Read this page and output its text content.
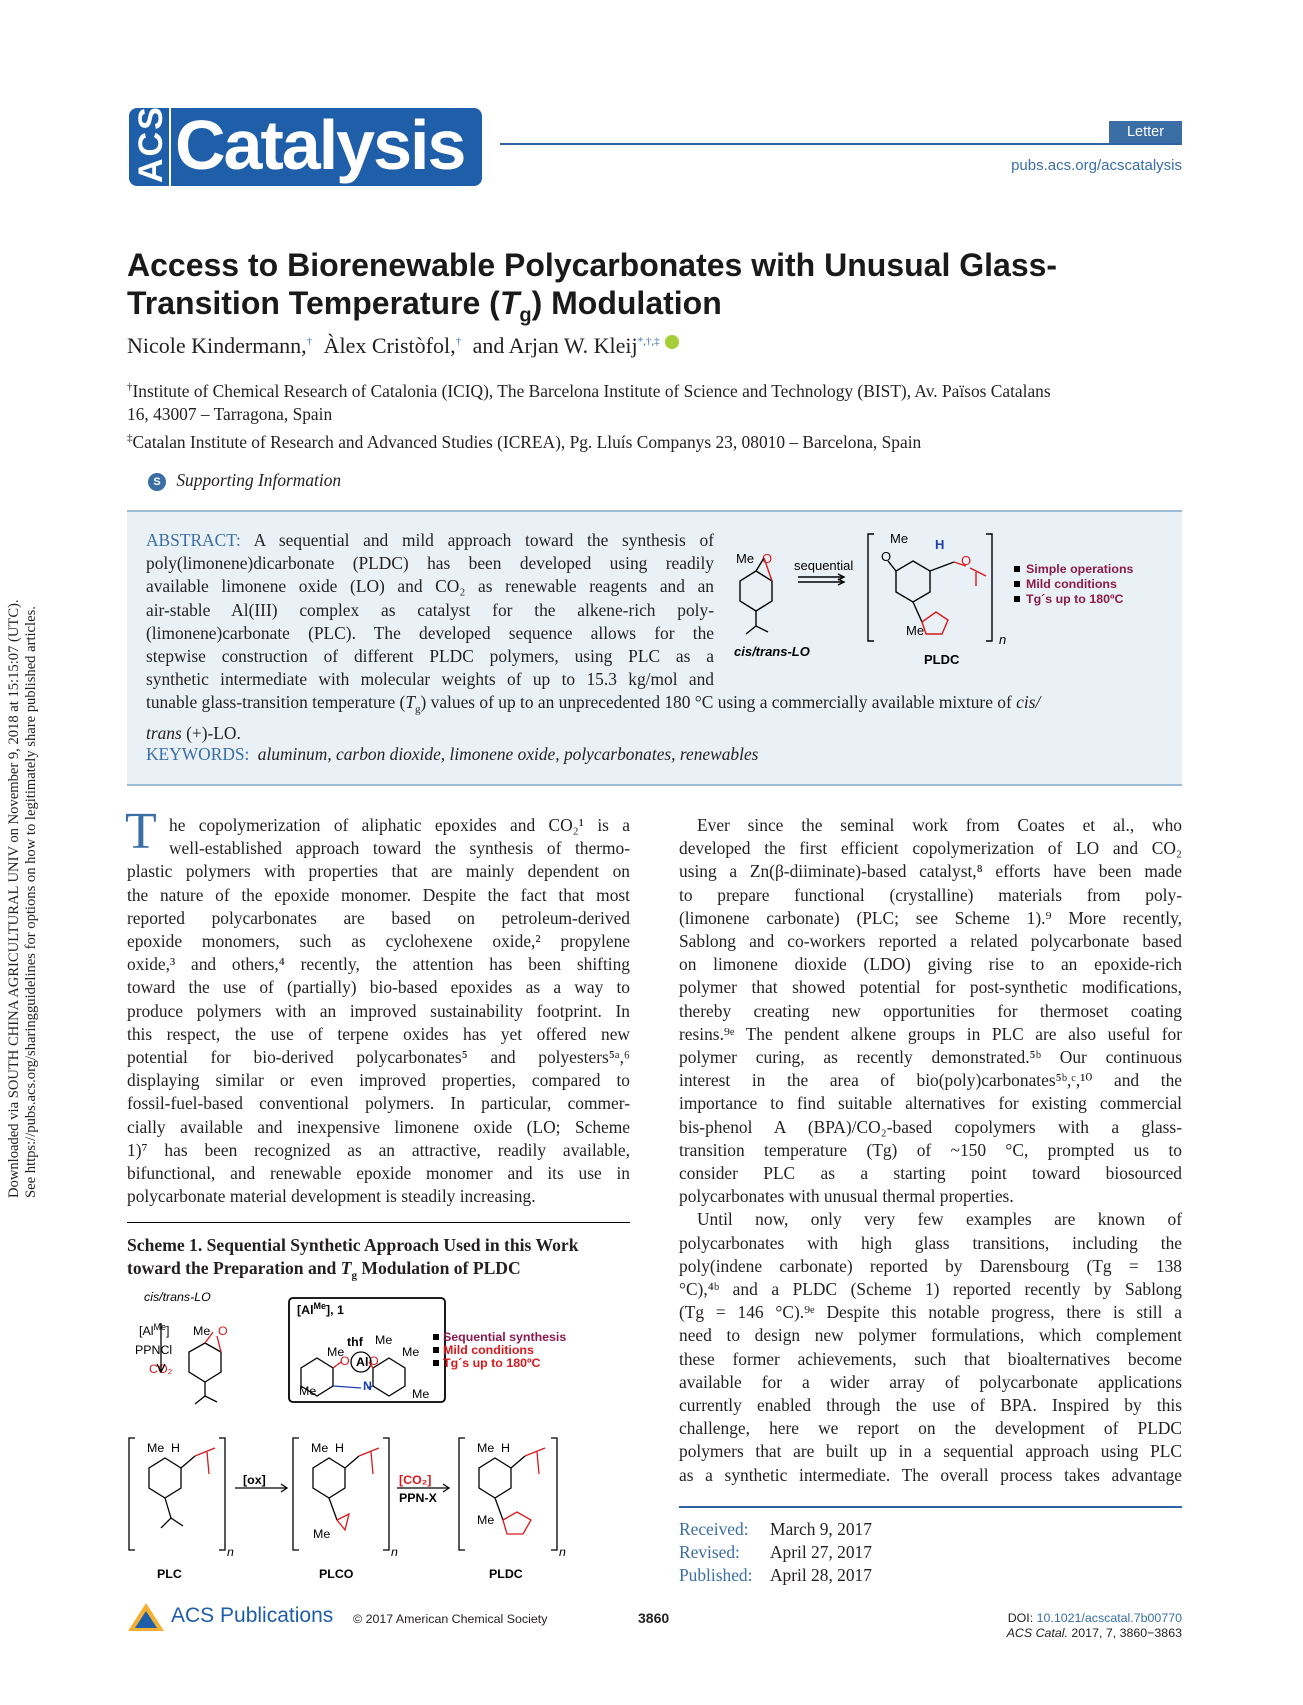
Downloaded via SOUTH CHINA AGRICULTURAL UNIV on November 9, 2018 at 15:15:07 (UTC). See https://pubs.acs.org/sharingguidelines for options on how to legitimately share published articles.
ACS Catalysis	Letter
pubs.acs.org/acscatalysis
Access to Biorenewable Polycarbonates with Unusual Glass-
Transition Temperature $(T_g)$ Modulation
Nicole Kindermann,† Àlex Cristòfol,† and Arjan W. Kleij*,†,‡
†Institute of Chemical Research of Catalonia (ICIQ), The Barcelona Institute of Science and Technology (BIST), Av. Països Catalans
16, 43007 – Tarragona, Spain
‡Catalan Institute of Research and Advanced Studies (ICREA), Pg. Lluís Companys 23, 08010 – Barcelona, Spain
S Supporting Information
ABSTRACT: A sequential and mild approach toward the synthesis of
poly(limonene)dicarbonate (PLDC) has been developed using readily
available limonene oxide (LO) and CO₂ as renewable reagents and an
air-stable Al(III) complex as catalyst for the alkene-rich poly-
(limonene)carbonate (PLC). The developed sequence allows for the
stepwise construction of different PLDC polymers, using PLC as a
synthetic intermediate with molecular weights of up to 15.3 kg/mol and
tunable glass-transition temperature $(T_g)$ values of up to an unprecedented 180 °C using a commercially available mixture of cis/
trans (+)-LO.
KEYWORDS: aluminum, carbon dioxide, limonene oxide, polycarbonates, renewables
Me O sequential
cis/trans-LO
PLDC
Me H
O
O
Me
n
Simple operations
Mild conditions
Tg´s up to 180ºC
T he copolymerization of aliphatic epoxides and CO₂¹ is a
well-established approach toward the synthesis of thermo-
plastic polymers with properties that are mainly dependent on
the nature of the epoxide monomer. Despite the fact that most
reported polycarbonates are based on petroleum-derived
epoxide monomers, such as cyclohexene oxide,² propylene
oxide,³ and others,⁴ recently, the attention has been shifting
toward the use of (partially) bio-based epoxides as a way to
produce polymers with an improved sustainability footprint. In
this respect, the use of terpene oxides has yet offered new
potential for bio-derived polycarbonates⁵ and polyesters⁵ᵃ,⁶
displaying similar or even improved properties, compared to
fossil-fuel-based conventional polymers. In particular, commer-
cially available and inexpensive limonene oxide (LO; Scheme
1)⁷ has been recognized as an attractive, readily available,
bifunctional, and renewable epoxide monomer and its use in
polycarbonate material development is steadily increasing.
Scheme 1. Sequential Synthetic Approach Used in this Work
toward the Preparation and $T_g$ Modulation of PLDC
cis/trans-LO
$[Al^{Me}]$
PPNCl
CO₂
Me O
$[Al^{Me}]$, 1
thf
O Al O
N
Me
Me
Me
Me	Me
Sequential synthesis
Mild conditions
Tg´s up to 180ºC
[ox]	[CO₂]
PPN-X
PLC	PLCO	PLDC
Me H	Me H	Me H
Me
Me
n	n	n
Ever since the seminal work from Coates et al., who
developed the first efficient copolymerization of LO and CO₂
using a Zn(β-diiminate)-based catalyst,⁸ efforts have been made
to prepare functional (crystalline) materials from poly-
(limonene carbonate) (PLC; see Scheme 1).⁹ More recently,
Sablong and co-workers reported a related polycarbonate based
on limonene dioxide (LDO) giving rise to an epoxide-rich
polymer that showed potential for post-synthetic modifications,
thereby creating new opportunities for thermoset coating
resins.⁹ᵉ The pendent alkene groups in PLC are also useful for
polymer curing, as recently demonstrated.⁵ᵇ Our continuous
interest in the area of bio(poly)carbonates⁵ᵇ,ᶜ,¹⁰ and the
importance to find suitable alternatives for existing commercial
bis-phenol A (BPA)/CO₂-based copolymers with a glass-
transition temperature (Tg) of ~150 °C, prompted us to
consider PLC as a starting point toward biosourced
polycarbonates with unusual thermal properties.
Until now, only very few examples are known of
polycarbonates with high glass transitions, including the
poly(indene carbonate) reported by Darensbourg (Tg = 138
°C),⁴ᵇ and a PLDC (Scheme 1) reported recently by Sablong
(Tg = 146 °C).⁹ᵉ Despite this notable progress, there is still a
need to design new polymer formulations, which complement
these former achievements, such that bioalternatives become
available for a wider array of polycarbonate applications
currently enabled through the use of BPA. Inspired by this
challenge, here we report on the development of PLDC
polymers that are built up in a sequential approach using PLC
as a synthetic intermediate. The overall process takes advantage
Received: March 9, 2017
Revised: April 27, 2017
Published: April 28, 2017
ACS Publications © 2017 American Chemical Society	3860	DOI: 10.1021/acscatal.7b00770
ACS Catal. 2017, 7, 3860−3863
